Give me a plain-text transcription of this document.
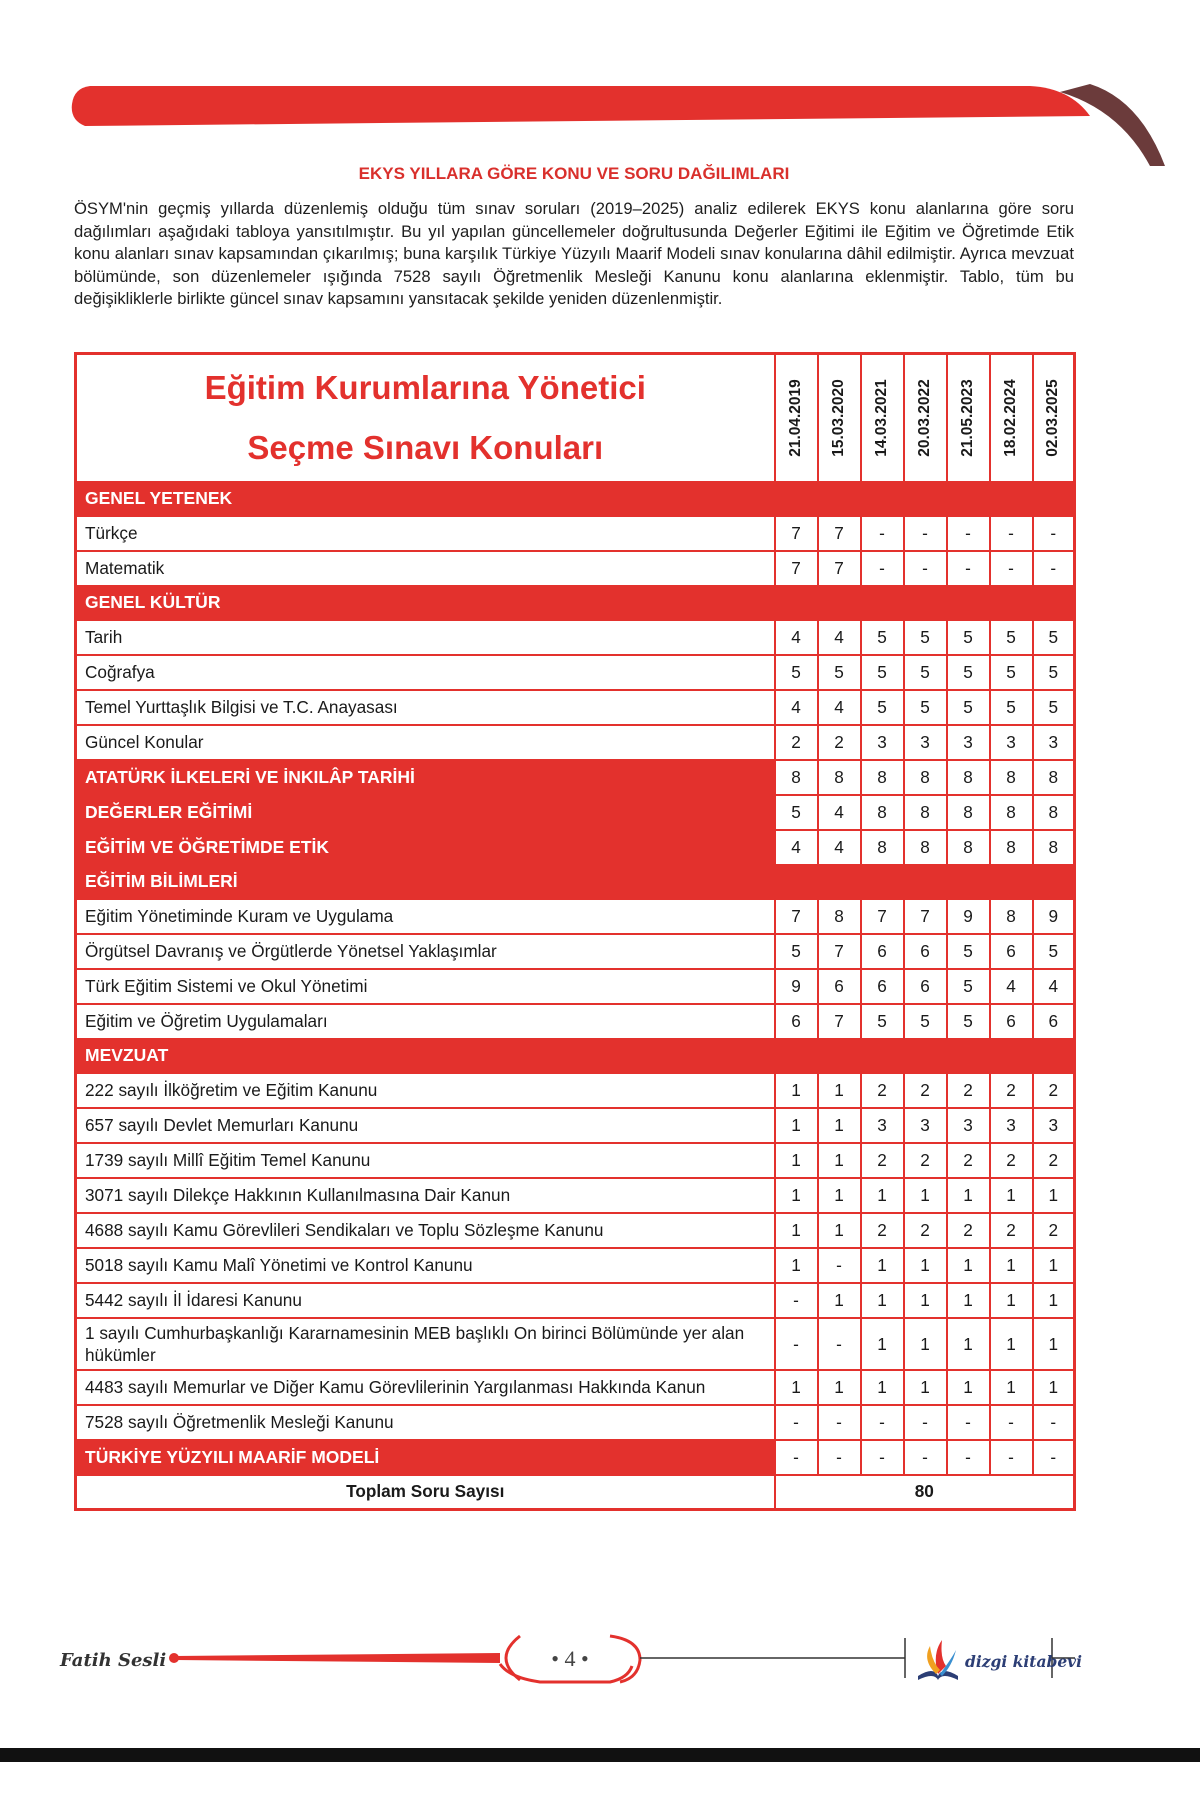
EKYS YILLARA GÖRE KONU VE SORU DAĞILIMLARI

ÖSYM'nin geçmiş yıllarda düzenlemiş olduğu tüm sınav soruları (2019–2025) analiz edilerek EKYS konu alanlarına göre soru dağılımları aşağıdaki tabloya yansıtılmıştır. Bu yıl yapılan güncellemeler doğrultusunda Değerler Eğitimi ile Eğitim ve Öğretimde Etik konu alanları sınav kapsamından çıkarılmış; buna karşılık Türkiye Yüzyılı Maarif Modeli sınav konularına dâhil edilmiştir. Ayrıca mevzuat bölümünde, son düzenlemeler ışığında 7528 sayılı Öğretmenlik Mesleği Kanunu konu alanlarına eklenmiştir. Tablo, tüm bu değişikliklerle birlikte güncel sınav kapsamını yansıtacak şekilde yeniden düzenlenmiştir.

Eğitim Kurumlarına Yönetici
Seçme Sınavı Konuları	21.04.2019	15.03.2020	14.03.2021	20.03.2022	21.05.2023	18.02.2024	02.03.2025

GENEL YETENEK							
Türkçe	7	7	-	-	-	-	-
Matematik	7	7	-	-	-	-	-
GENEL KÜLTÜR							
Tarih	4	4	5	5	5	5	5
Coğrafya	5	5	5	5	5	5	5
Temel Yurttaşlık Bilgisi ve T.C. Anayasası	4	4	5	5	5	5	5
Güncel Konular	2	2	3	3	3	3	3
ATATÜRK İLKELERİ VE İNKILÂP TARİHİ	8	8	8	8	8	8	8
DEĞERLER EĞİTİMİ	5	4	8	8	8	8	8
EĞİTİM VE ÖĞRETİMDE ETİK	4	4	8	8	8	8	8
EĞİTİM BİLİMLERİ							
Eğitim Yönetiminde Kuram ve Uygulama	7	8	7	7	9	8	9
Örgütsel Davranış ve Örgütlerde Yönetsel Yaklaşımlar	5	7	6	6	5	6	5
Türk Eğitim Sistemi ve Okul Yönetimi	9	6	6	6	5	4	4
Eğitim ve Öğretim Uygulamaları	6	7	5	5	5	6	6
MEVZUAT							
222 sayılı İlköğretim ve Eğitim Kanunu	1	1	2	2	2	2	2
657 sayılı Devlet Memurları Kanunu	1	1	3	3	3	3	3
1739 sayılı Millî Eğitim Temel Kanunu	1	1	2	2	2	2	2
3071 sayılı Dilekçe Hakkının Kullanılmasına Dair Kanun	1	1	1	1	1	1	1
4688 sayılı Kamu Görevlileri Sendikaları ve Toplu Sözleşme Kanunu	1	1	2	2	2	2	2
5018 sayılı Kamu Malî Yönetimi ve Kontrol Kanunu	1	-	1	1	1	1	1
5442 sayılı İl İdaresi Kanunu	-	1	1	1	1	1	1
1 sayılı Cumhurbaşkanlığı Kararnamesinin MEB başlıklı On birinci Bölümünde yer alan hükümler	-	-	1	1	1	1	1
4483 sayılı Memurlar ve Diğer Kamu Görevlilerinin Yargılanması Hakkında Kanun	1	1	1	1	1	1	1
7528 sayılı Öğretmenlik Mesleği Kanunu	-	-	-	-	-	-	-
TÜRKİYE YÜZYILI MAARİF MODELİ	-	-	-	-	-	-	-
Toplam Soru Sayısı	80						
Fatih Sesli	• 4 •	dizgi kitabevi
